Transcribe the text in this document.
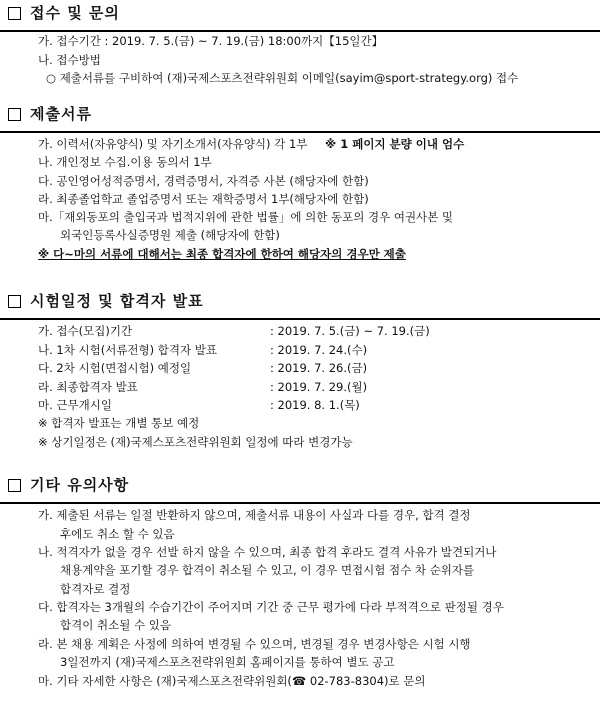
접수 및 문의
가. 접수기간 : 2019. 7. 5.(금) ~ 7. 19.(금) 18:00까지【15일간】
나. 접수방법
○ 제출서류를 구비하여 (재)국제스포츠전략위원회 이메일(sayim@sport-strategy.org) 접수
제출서류
가. 이력서(자유양식) 및 자기소개서(자유양식) 각 1부 ※ 1 페이지 분량 이내 엄수
나. 개인정보 수집.이용 동의서 1부
다. 공인영어성적증명서, 경력증명서, 자격증 사본 (해당자에 한함)
라. 최종졸업학교 졸업증명서 또는 재학증명서 1부(해당자에 한함)
마.「재외동포의 출입국과 법적지위에 관한 법률」에 의한 동포의 경우 여권사본 및
외국인등록사실증명원 제출 (해당자에 한함)
※ 다~마의 서류에 대해서는 최종 합격자에 한하여 해당자의 경우만 제출
시험일정 및 합격자 발표
가. 접수(모집)기간	: 2019. 7. 5.(금) ~ 7. 19.(금)
나. 1차 시험(서류전형) 합격자 발표	: 2019. 7. 24.(수)
다. 2차 시험(면접시험) 예정일	: 2019. 7. 26.(금)
라. 최종합격자 발표	: 2019. 7. 29.(월)
마. 근무개시일	: 2019. 8. 1.(목)
※ 합격자 발표는 개별 통보 예정
※ 상기일정은 (재)국제스포츠전략위원회 일정에 따라 변경가능
기타 유의사항
가. 제출된 서류는 일절 반환하지 않으며, 제출서류 내용이 사실과 다를 경우, 합격 결정
후에도 취소 할 수 있음
나. 적격자가 없을 경우 선발 하지 않을 수 있으며, 최종 합격 후라도 결격 사유가 발견되거나
채용계약을 포기할 경우 합격이 취소될 수 있고, 이 경우 면접시험 점수 차 순위자를
합격자로 결정
다. 합격자는 3개월의 수습기간이 주어지며 기간 중 근무 평가에 다라 부적격으로 판정될 경우
합격이 취소될 수 있음
라. 본 채용 계획은 사정에 의하여 변경될 수 있으며, 변경될 경우 변경사항은 시험 시행
3일전까지 (재)국제스포츠전략위원회 홈페이지를 통하여 별도 공고
마. 기타 자세한 사항은 (재)국제스포츠전략위원회(☎ 02-783-8304)로 문의
